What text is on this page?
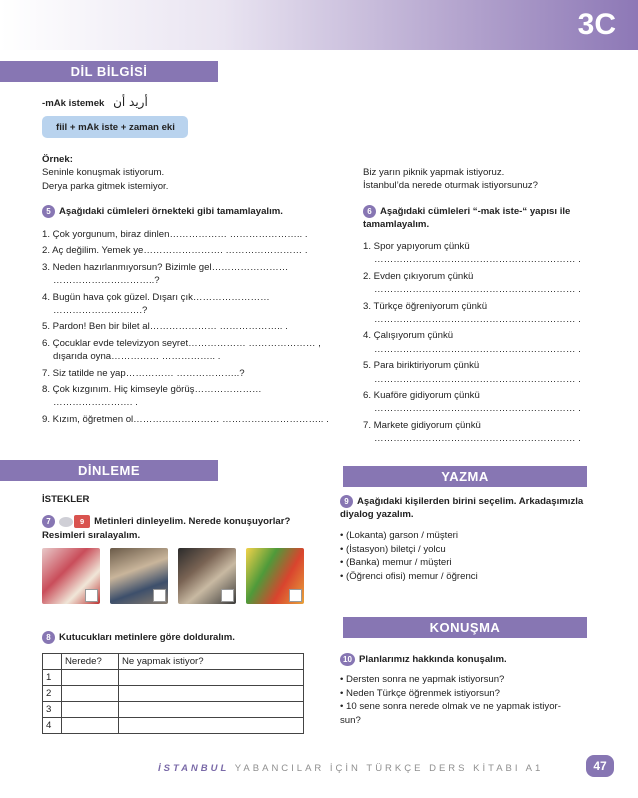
3C
DİL BİLGİSİ
-mAk istemek أريد أن
fiil + mAk iste + zaman eki
Örnek:
Seninle konuşmak istiyorum.
Derya parka gitmek istemiyor.
Biz yarın piknik yapmak istiyoruz.
İstanbul’da nerede oturmak istiyorsunuz?
5 Aşağıdaki cümleleri örnekteki gibi tamamlayalım.
1. Çok yorgunum, biraz dinlen……………… ………………….. .
2. Aç değilim. Yemek ye……………………. …………………… .
3. Neden hazırlanmıyorsun? Bizimle gel……………………
…………………………..?
4. Bugün hava çok güzel. Dışarı çık……………………
……………………….?
5. Pardon! Ben bir bilet al………………… ……………….. .
6. Çocuklar evde televizyon seyret……………… ………………… ,
dışarıda oyna…………… …………….. .
7. Siz tatilde ne yap…………… ………………..?
8. Çok kızgınım. Hiç kimseyle görüş…………………
……………………. .
9. Kızım, öğretmen ol……………………… ………………………….. .
6 Aşağıdaki cümleleri “-mak iste-“ yapısı ile tamamlayalım.
1. Spor yapıyorum çünkü
……………………………………………………… .
2. Evden çıkıyorum çünkü
……………………………………………………… .
3. Türkçe öğreniyorum çünkü
……………………………………………………… .
4. Çalışıyorum çünkü
……………………………………………………… .
5. Para biriktiriyorum çünkü
……………………………………………………… .
6. Kuaföre gidiyorum çünkü
……………………………………………………… .
7. Markete gidiyorum çünkü
……………………………………………………… .
DİNLEME
İSTEKLER
7	9 Metinleri dinleyelim. Nerede konuşuyorlar? Resimleri sıralayalım.
8 Kutucukları metinlere göre dolduralım.
	Nerede?	Ne yapmak istiyor?
1		
2		
3		
4		
YAZMA
9 Aşağıdaki kişilerden birini seçelim. Arkadaşımızla diyalog yazalım.
• (Lokanta) garson / müşteri
• (İstasyon) biletçi / yolcu
• (Banka) memur / müşteri
• (Öğrenci ofisi) memur / öğrenci
KONUŞMA
10 Planlarımız hakkında konuşalım.
• Dersten sonra ne yapmak istiyorsun?
• Neden Türkçe öğrenmek istiyorsun?
• 10 sene sonra nerede olmak ve ne yapmak istiyor-
sun?
İSTANBUL YABANCILAR İÇİN TÜRKÇE DERS KİTABI A1	47
